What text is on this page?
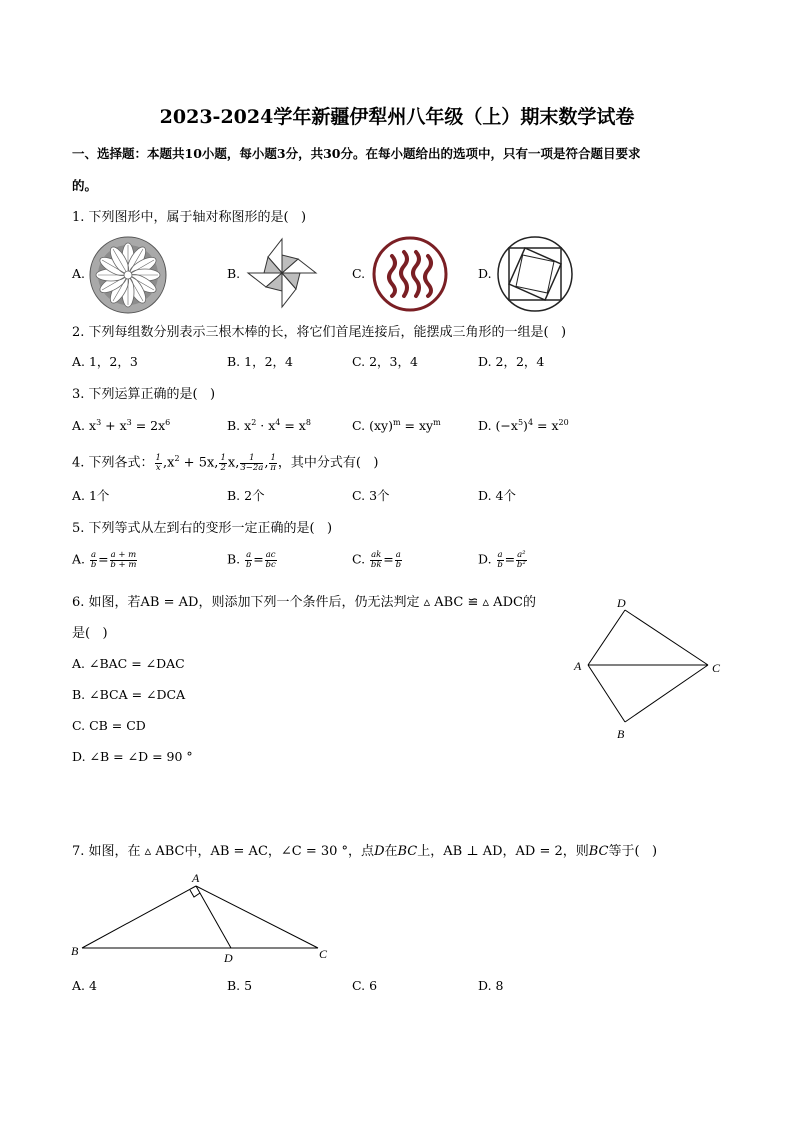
2023-2024学年新疆伊犁州八年级（上）期末数学试卷
一、选择题：本题共10小题，每小题3分，共30分。在每小题给出的选项中，只有一项是符合题目要求
的。
1. 下列图形中，属于轴对称图形的是(   )
A.	B.	C.	D.
2. 下列每组数分别表示三根木棒的长，将它们首尾连接后，能摆成三角形的一组是(   )
A. 1，2，3	B. 1，2，4	C. 2，3，4	D. 2，2，4
3. 下列运算正确的是(   )
A. $x^3 + x^3 = 2x^6$	B. $x^2 \cdot x^4 = x^8$	C. $(xy)^m = xy^m$	D. $(-x^5)^4 = x^{20}$
4. 下列各式： $\frac{1}{x} ,x^2 + 5x$, $\frac{1}{2} x$, $\frac{1}{3-2a}$ , $\frac{1}{\pi}$ ，其中分式有(   )
A. 1个	B. 2个	C. 3个	D. 4个
5. 下列等式从左到右的变形一定正确的是(   )
A. $\frac{a}{b} = \frac{a + m}{b + m}$	B. $\frac{a}{b} = \frac{ac}{bc}$	C. $\frac{ak}{bk} = \frac{a}{b}$	D. $\frac{a}{b} = \frac{\text{a²}}{\text{b²}}$
6. 如图，若AB = AD，则添加下列一个条件后，仍无法判定 ▵ ABC ≌ ▵ ADC的
是(   )
A. ∠BAC = ∠DAC
B. ∠BCA = ∠DCA
C. CB = CD
D. ∠B = ∠D = 90 °
D
A	C
B
7. 如图，在 ▵ ABC中，AB = AC，∠C = 30 °，点D在BC上，AB ⊥ AD，AD = 2，则BC等于(   )
A
B	D	C
A. 4	B. 5	C. 6	D. 8
